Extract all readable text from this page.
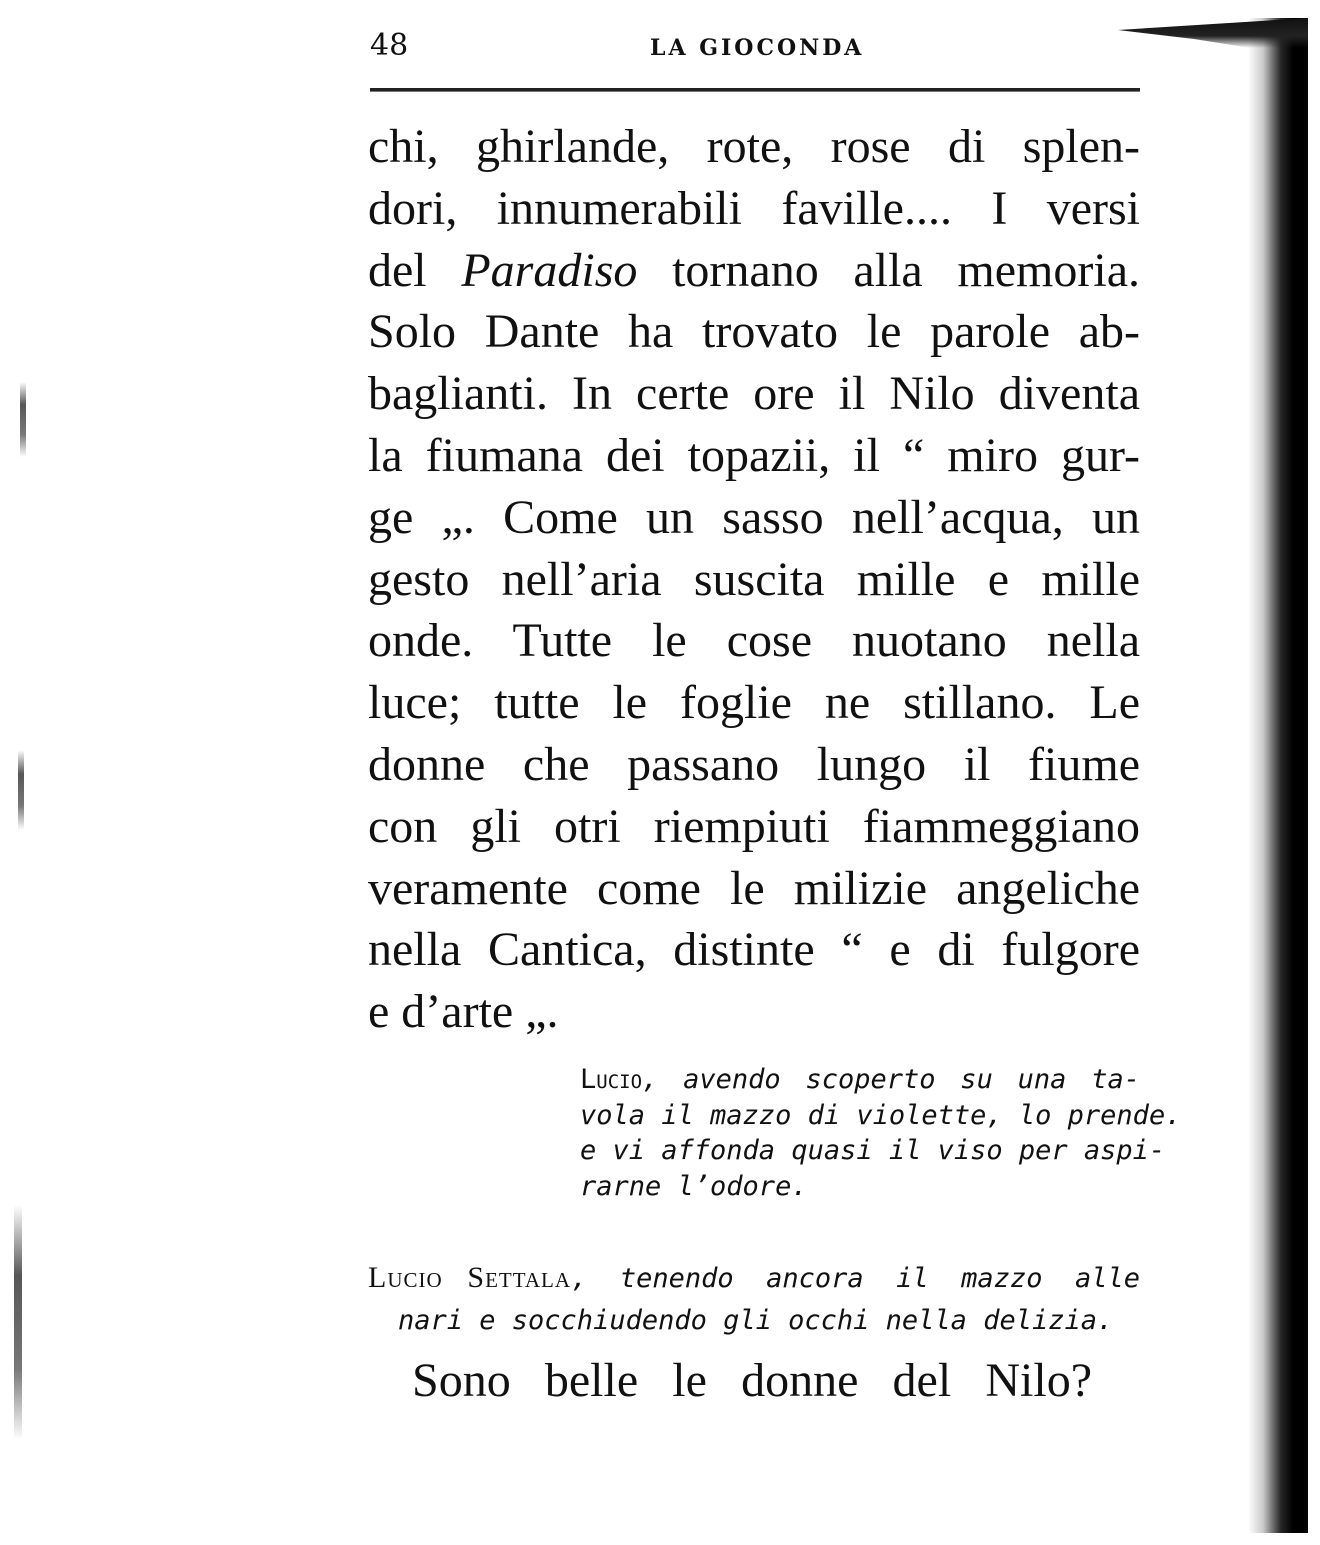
48	LA GIOCONDA
chi, ghirlande, rote, rose di splen-
dori, innumerabili faville.... I versi
del Paradiso tornano alla memoria.
Solo Dante ha trovato le parole ab-
baglianti. In certe ore il Nilo diventa
la fiumana dei topazii, il “ miro gur-
ge „. Come un sasso nell’acqua, un
gesto nell’aria suscita mille e mille
onde. Tutte le cose nuotano nella
luce; tutte le foglie ne stillano. Le
donne che passano lungo il fiume
con gli otri riempiuti fiammeggiano
veramente come le milizie angeliche
nella Cantica, distinte “ e di fulgore
e d’arte „.
Lucio, avendo scoperto su una ta-
vola il mazzo di violette, lo prende.
e vi affonda quasi il viso per aspi-
rarne l’odore.
Lucio Settala, tenendo ancora il mazzo alle
nari e socchiudendo gli occhi nella delizia.
Sono belle le donne del Nilo?
